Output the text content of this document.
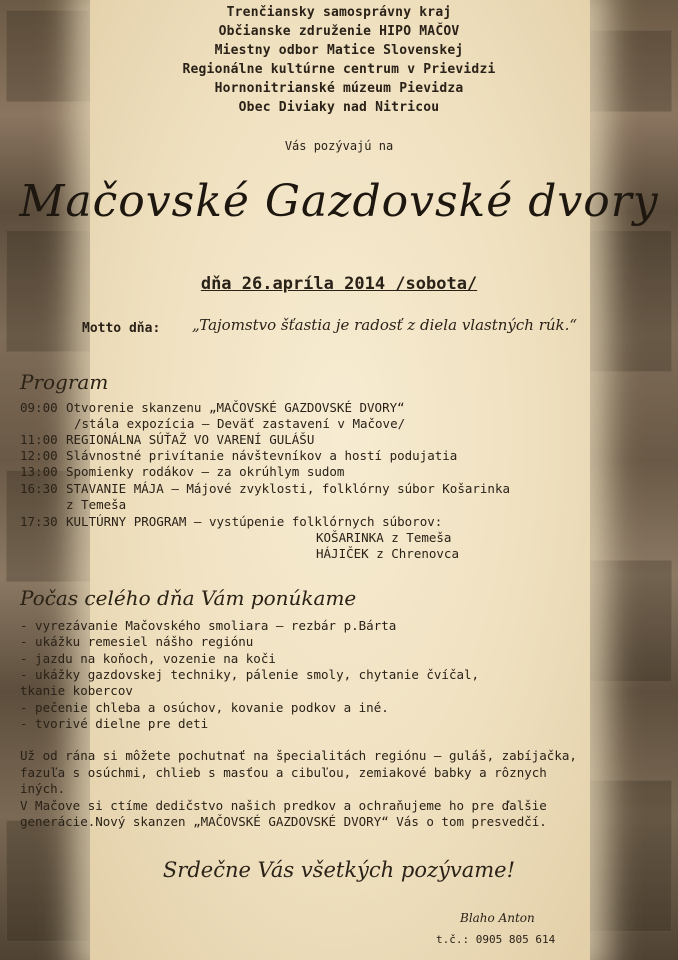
Trenčiansky samosprávny kraj
Občianske združenie HIPO MAČOV
Miestny odbor Matice Slovenskej
Regionálne kultúrne centrum v Prievidzi
Hornonitrianské múzeum Pievidza
Obec Diviaky nad Nitricou
Vás pozývajú na
Mačovské Gazdovské dvory
dňa 26.apríla 2014 /sobota/
Motto dňa: „Tajomstvo šťastia je radosť z diela vlastných rúk.“
Program
09:00 Otvorenie skanzenu „MAČOVSKÉ GAZDOVSKÉ DVORY“
/stála expozícia – Deväť zastavení v Mačove/
11:00 REGIONÁLNA SÚŤAŽ VO VARENÍ GULÁŠU
12:00 Slávnostné privítanie návštevníkov a hostí podujatia
13:00 Spomienky rodákov – za okrúhlym sudom
16:30 STAVANIE MÁJA – Májové zvyklosti, folklórny súbor Košarinka
z Temeša
17:30 KULTÚRNY PROGRAM – vystúpenie folklórnych súborov:
KOŠARINKA z Temeša
HÁJIČEK z Chrenovca
Počas celého dňa Vám ponúkame
- vyrezávanie Mačovského smoliara – rezbár p.Bárta
- ukážku remesiel nášho regiónu
- jazdu na koňoch, vozenie na koči
- ukážky gazdovskej techniky, pálenie smoly, chytanie čvíčal,
tkanie kobercov
- pečenie chleba a osúchov, kovanie podkov a iné.
- tvorivé dielne pre deti
Už od rána si môžete pochutnať na špecialitách regiónu – guláš, zabíjačka,
fazuľa s osúchmi, chlieb s masťou a cibuľou, zemiakové babky a rôznych
iných.
V Mačove si ctíme dedičstvo našich predkov a ochraňujeme ho pre ďalšie
generácie.Nový skanzen „MAČOVSKÉ GAZDOVSKÉ DVORY“ Vás o tom presvedčí.
Srdečne Vás všetkých pozývame!
Blaho Anton
t.č.: 0905 805 614
